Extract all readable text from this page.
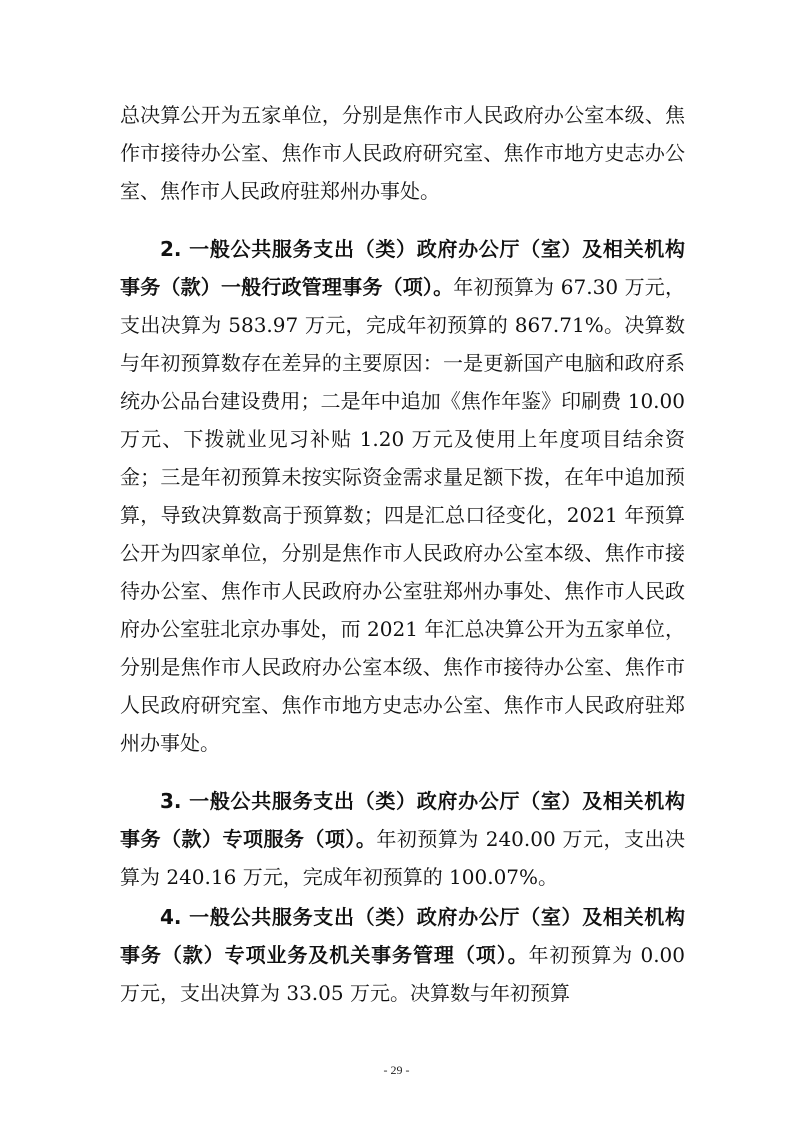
总决算公开为五家单位，分别是焦作市人民政府办公室本级、焦作市接待办公室、焦作市人民政府研究室、焦作市地方史志办公室、焦作市人民政府驻郑州办事处。

2. 一般公共服务支出（类）政府办公厅（室）及相关机构事务（款）一般行政管理事务（项）。年初预算为 67.30 万元，支出决算为 583.97 万元，完成年初预算的 867.71%。决算数与年初预算数存在差异的主要原因：一是更新国产电脑和政府系统办公品台建设费用；二是年中追加《焦作年鉴》印刷费 10.00 万元、下拨就业见习补贴 1.20 万元及使用上年度项目结余资金；三是年初预算未按实际资金需求量足额下拨，在年中追加预算，导致决算数高于预算数；四是汇总口径变化，2021 年预算公开为四家单位，分别是焦作市人民政府办公室本级、焦作市接待办公室、焦作市人民政府办公室驻郑州办事处、焦作市人民政府办公室驻北京办事处，而 2021 年汇总决算公开为五家单位，分别是焦作市人民政府办公室本级、焦作市接待办公室、焦作市人民政府研究室、焦作市地方史志办公室、焦作市人民政府驻郑州办事处。

3. 一般公共服务支出（类）政府办公厅（室）及相关机构事务（款）专项服务（项）。年初预算为 240.00 万元，支出决算为 240.16 万元，完成年初预算的 100.07%。

4. 一般公共服务支出（类）政府办公厅（室）及相关机构事务（款）专项业务及机关事务管理（项）。年初预算为 0.00 万元，支出决算为 33.05 万元。决算数与年初预算

- 29 -
